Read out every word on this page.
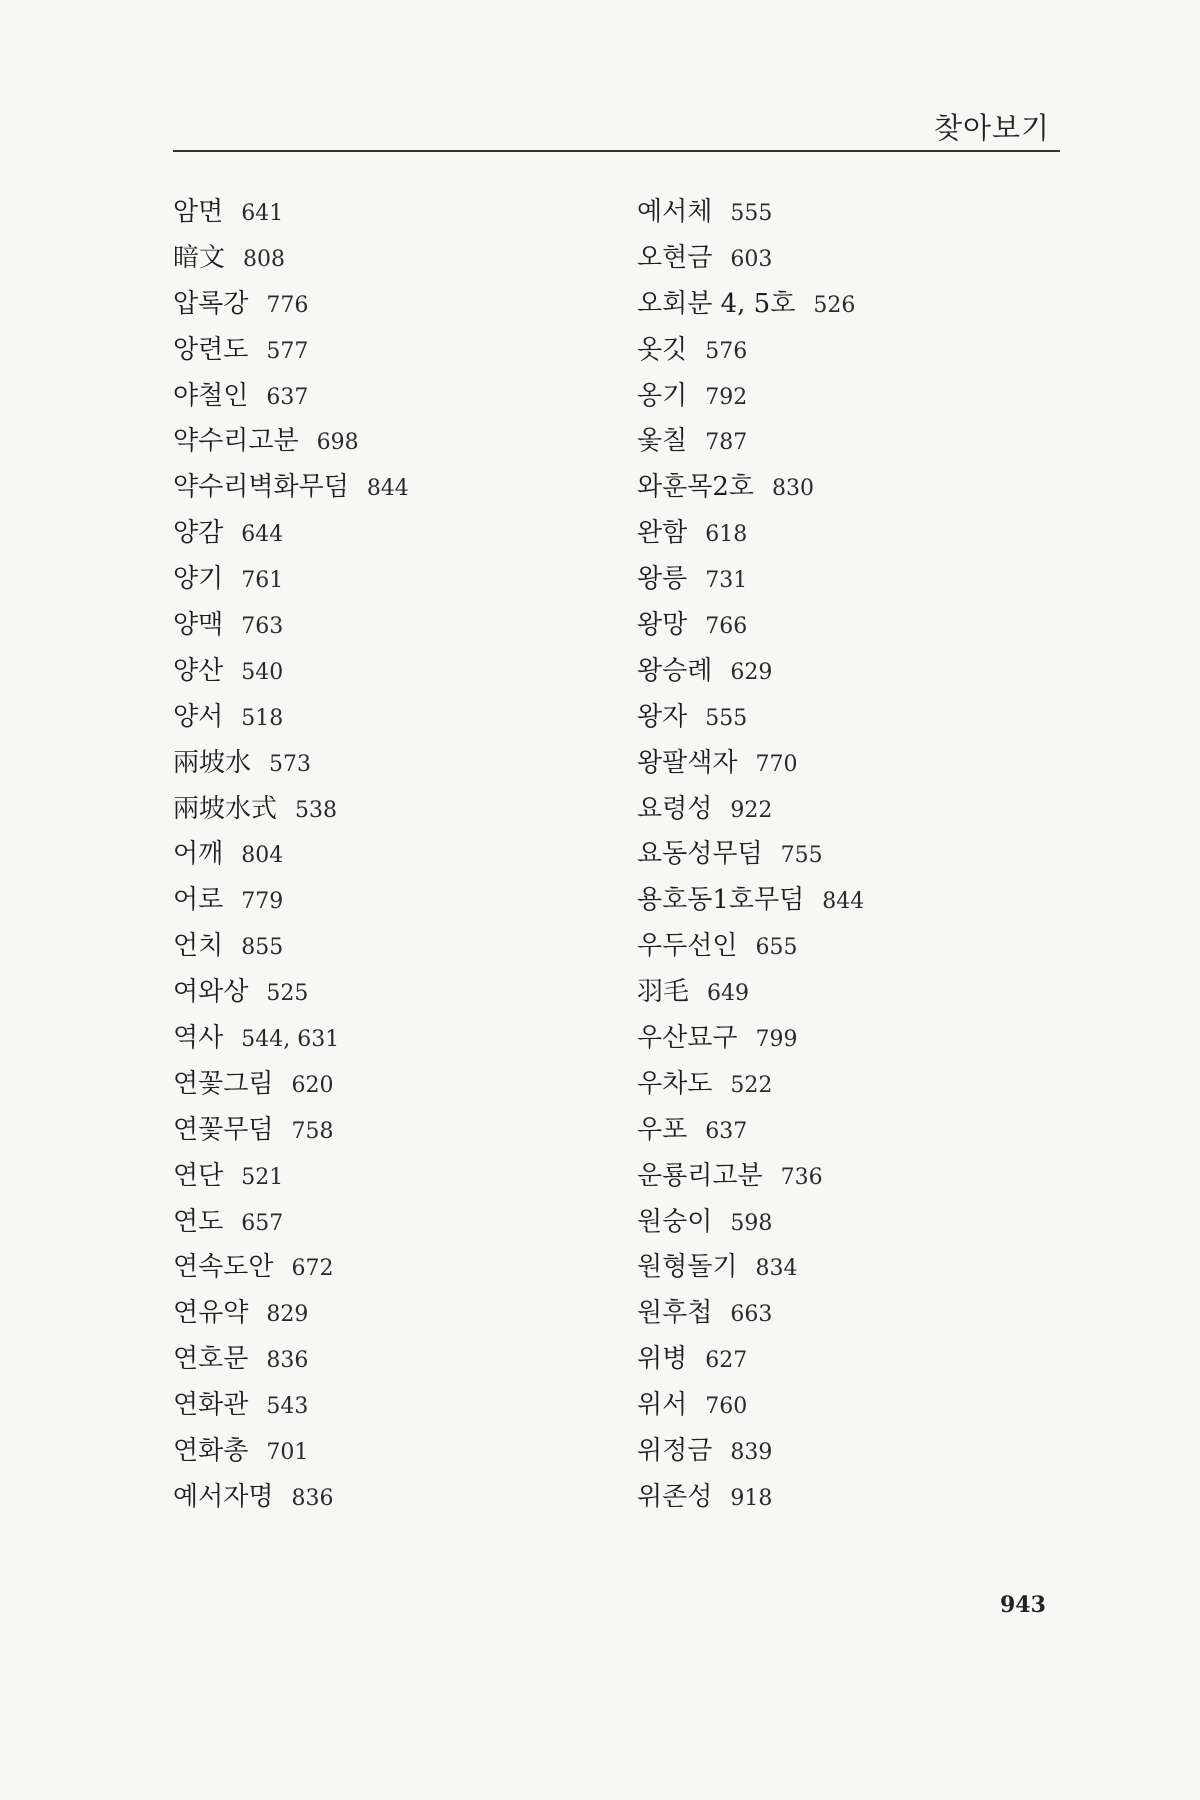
찾아보기
암면 641
暗文 808
압록강 776
앙련도 577
야철인 637
약수리고분 698
약수리벽화무덤 844
양감 644
양기 761
양맥 763
양산 540
양서 518
兩坡水 573
兩坡水式 538
어깨 804
어로 779
언치 855
여와상 525
역사 544, 631
연꽃그림 620
연꽃무덤 758
연단 521
연도 657
연속도안 672
연유약 829
연호문 836
연화관 543
연화총 701
예서자명 836
예서체 555
오현금 603
오회분 4, 5호 526
옷깃 576
옹기 792
옻칠 787
와훈목2호 830
완함 618
왕릉 731
왕망 766
왕승례 629
왕자 555
왕팔색자 770
요령성 922
요동성무덤 755
용호동1호무덤 844
우두선인 655
羽毛 649
우산묘구 799
우차도 522
우포 637
운룡리고분 736
원숭이 598
원형돌기 834
원후첩 663
위병 627
위서 760
위정금 839
위존성 918
943
